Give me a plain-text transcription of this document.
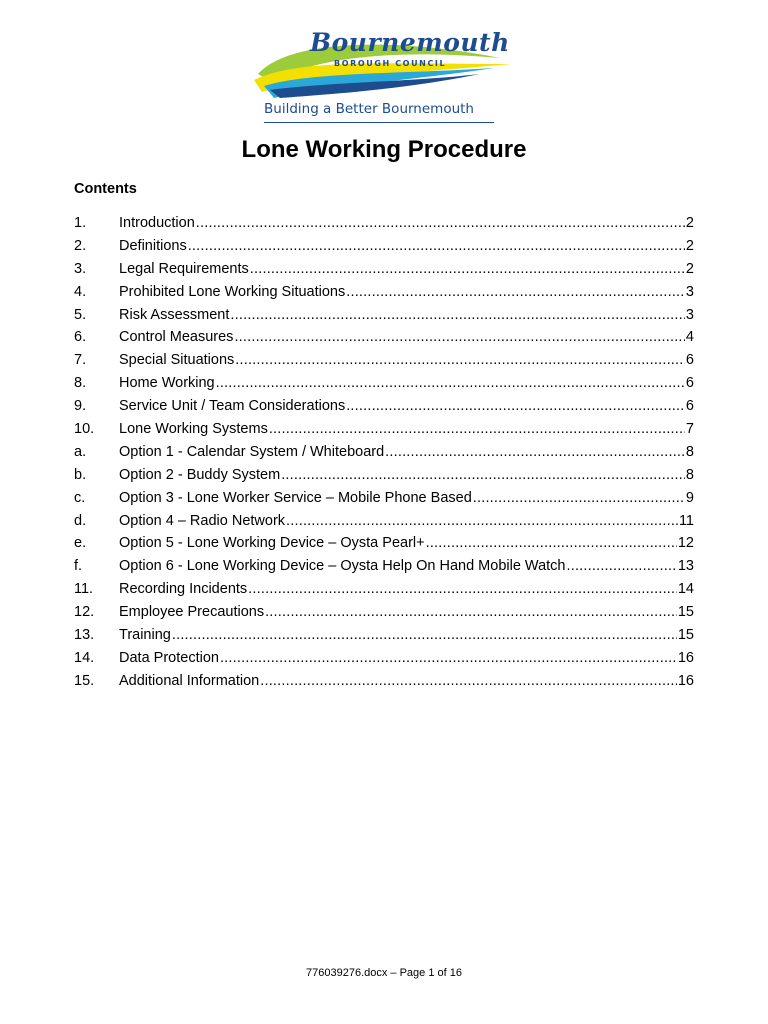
Bournemouth
BOROUGH COUNCIL
Building a Better Bournemouth
Lone Working Procedure
Contents
1.	Introduction .....	2
2.	Definitions .....	2
3.	Legal Requirements .....	2
4.	Prohibited Lone Working Situations .....	3
5.	Risk Assessment .....	3
6.	Control Measures .....	4
7.	Special Situations .....	6
8.	Home Working .....	6
9.	Service Unit / Team Considerations .....	6
10.	Lone Working Systems .....	7
a.	Option 1 - Calendar System / Whiteboard .....	8
b.	Option 2 - Buddy System .....	8
c.	Option 3 - Lone Worker Service – Mobile Phone Based .....	9
d.	Option 4 – Radio Network .....	11
e.	Option 5 - Lone Working Device – Oysta Pearl+ .....	12
f.	Option 6 - Lone Working Device – Oysta Help On Hand Mobile Watch .....	13
11.	Recording Incidents .....	14
12.	Employee Precautions .....	15
13.	Training .....	15
14.	Data Protection .....	16
15.	Additional Information .....	16
776039276.docx – Page 1 of 16
